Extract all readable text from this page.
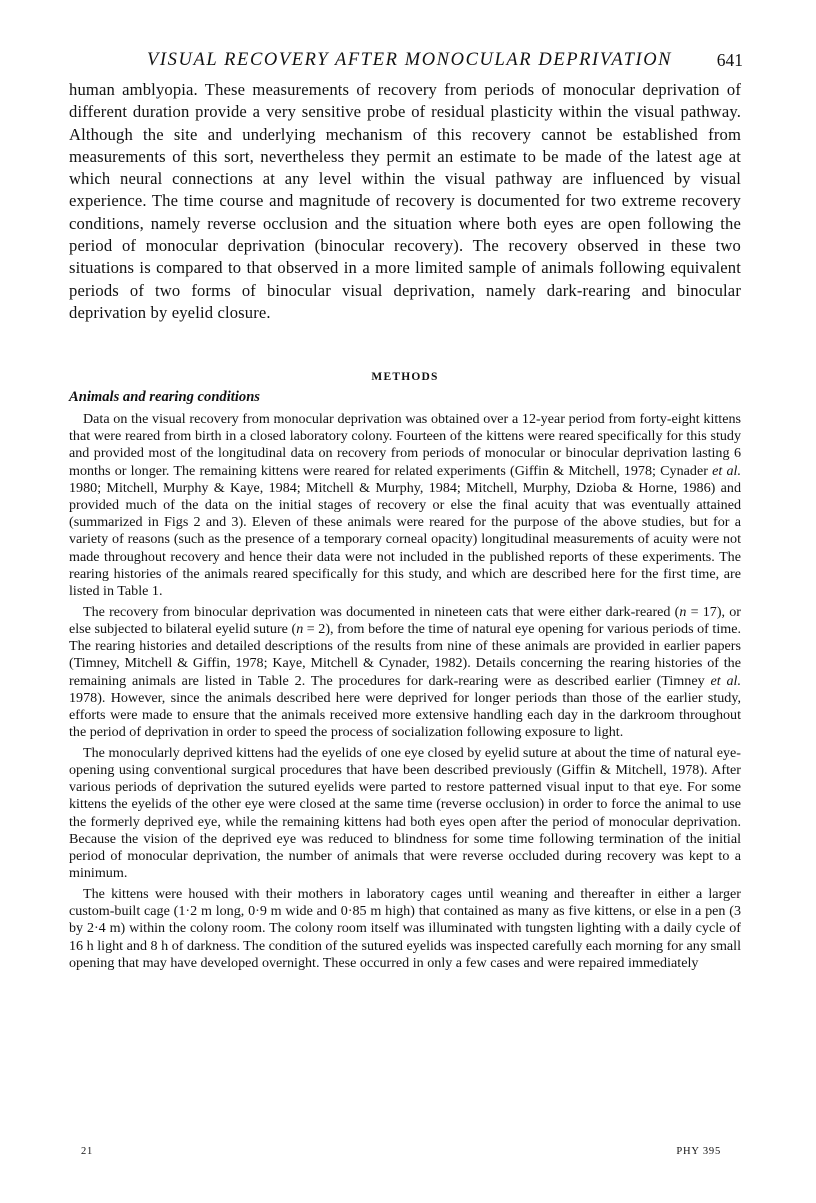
VISUAL RECOVERY AFTER MONOCULAR DEPRIVATION	641

human amblyopia. These measurements of recovery from periods of monocular deprivation of different duration provide a very sensitive probe of residual plasticity within the visual pathway. Although the site and underlying mechanism of this recovery cannot be established from measurements of this sort, nevertheless they permit an estimate to be made of the latest age at which neural connections at any level within the visual pathway are influenced by visual experience. The time course and magnitude of recovery is documented for two extreme recovery conditions, namely reverse occlusion and the situation where both eyes are open following the period of monocular deprivation (binocular recovery). The recovery observed in these two situations is compared to that observed in a more limited sample of animals following equivalent periods of two forms of binocular visual deprivation, namely dark-rearing and binocular deprivation by eyelid closure.

METHODS
Animals and rearing conditions

Data on the visual recovery from monocular deprivation was obtained over a 12-year period from forty-eight kittens that were reared from birth in a closed laboratory colony. Fourteen of the kittens were reared specifically for this study and provided most of the longitudinal data on recovery from periods of monocular or binocular deprivation lasting 6 months or longer. The remaining kittens were reared for related experiments (Giffin & Mitchell, 1978; Cynader et al. 1980; Mitchell, Murphy & Kaye, 1984; Mitchell & Murphy, 1984; Mitchell, Murphy, Dzioba & Horne, 1986) and provided much of the data on the initial stages of recovery or else the final acuity that was eventually attained (summarized in Figs 2 and 3). Eleven of these animals were reared for the purpose of the above studies, but for a variety of reasons (such as the presence of a temporary corneal opacity) longitudinal measurements of acuity were not made throughout recovery and hence their data were not included in the published reports of these experiments. The rearing histories of the animals reared specifically for this study, and which are described here for the first time, are listed in Table 1.

The recovery from binocular deprivation was documented in nineteen cats that were either dark-reared (n = 17), or else subjected to bilateral eyelid suture (n = 2), from before the time of natural eye opening for various periods of time. The rearing histories and detailed descriptions of the results from nine of these animals are provided in earlier papers (Timney, Mitchell & Giffin, 1978; Kaye, Mitchell & Cynader, 1982). Details concerning the rearing histories of the remaining animals are listed in Table 2. The procedures for dark-rearing were as described earlier (Timney et al. 1978). However, since the animals described here were deprived for longer periods than those of the earlier study, efforts were made to ensure that the animals received more extensive handling each day in the darkroom throughout the period of deprivation in order to speed the process of socialization following exposure to light.

The monocularly deprived kittens had the eyelids of one eye closed by eyelid suture at about the time of natural eye-opening using conventional surgical procedures that have been described previously (Giffin & Mitchell, 1978). After various periods of deprivation the sutured eyelids were parted to restore patterned visual input to that eye. For some kittens the eyelids of the other eye were closed at the same time (reverse occlusion) in order to force the animal to use the formerly deprived eye, while the remaining kittens had both eyes open after the period of monocular deprivation. Because the vision of the deprived eye was reduced to blindness for some time following termination of the initial period of monocular deprivation, the number of animals that were reverse occluded during recovery was kept to a minimum.

The kittens were housed with their mothers in laboratory cages until weaning and thereafter in either a larger custom-built cage (1·2 m long, 0·9 m wide and 0·85 m high) that contained as many as five kittens, or else in a pen (3 by 2·4 m) within the colony room. The colony room itself was illuminated with tungsten lighting with a daily cycle of 16 h light and 8 h of darkness. The condition of the sutured eyelids was inspected carefully each morning for any small opening that may have developed overnight. These occurred in only a few cases and were repaired immediately

21	PHY 395
